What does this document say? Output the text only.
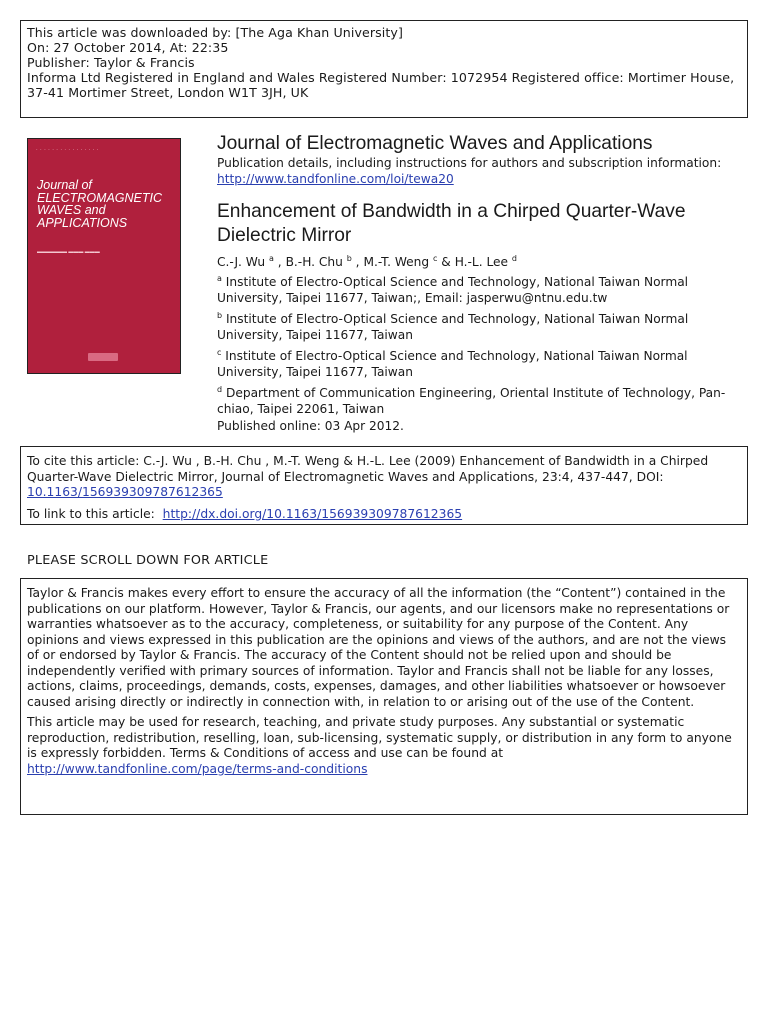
This article was downloaded by: [The Aga Khan University]
On: 27 October 2014, At: 22:35
Publisher: Taylor & Francis
Informa Ltd Registered in England and Wales Registered Number: 1072954 Registered office: Mortimer House,
37-41 Mortimer Street, London W1T 3JH, UK
· · · · · · · · · · · · · · · ·
Journal of
ELECTROMAGNETIC
WAVES and
APPLICATIONS
▬▬▬▬▬▬ ▬▬▬ ▬▬▬
Journal of Electromagnetic Waves and Applications
Publication details, including instructions for authors and subscription information:
http://www.tandfonline.com/loi/tewa20
Enhancement of Bandwidth in a Chirped Quarter-Wave Dielectric Mirror
C.-J. Wu $^a$ , B.-H. Chu $^b$ , M.-T. Weng $^c$ & H.-L. Lee $^d$
$^a$ Institute of Electro-Optical Science and Technology, National Taiwan Normal University, Taipei 11677, Taiwan;, Email: jasperwu@ntnu.edu.tw
$^b$ Institute of Electro-Optical Science and Technology, National Taiwan Normal University, Taipei 11677, Taiwan
$^c$ Institute of Electro-Optical Science and Technology, National Taiwan Normal University, Taipei 11677, Taiwan
$^d$ Department of Communication Engineering, Oriental Institute of Technology, Pan-chiao, Taipei 22061, Taiwan
Published online: 03 Apr 2012.
To cite this article: C.-J. Wu , B.-H. Chu , M.-T. Weng & H.-L. Lee (2009) Enhancement of Bandwidth in a Chirped Quarter-Wave Dielectric Mirror, Journal of Electromagnetic Waves and Applications, 23:4, 437-447, DOI: 10.1163/156939309787612365
To link to this article: http://dx.doi.org/10.1163/156939309787612365
PLEASE SCROLL DOWN FOR ARTICLE

Taylor & Francis makes every effort to ensure the accuracy of all the information (the “Content”) contained in the publications on our platform. However, Taylor & Francis, our agents, and our licensors make no representations or warranties whatsoever as to the accuracy, completeness, or suitability for any purpose of the Content. Any opinions and views expressed in this publication are the opinions and views of the authors, and are not the views of or endorsed by Taylor & Francis. The accuracy of the Content should not be relied upon and should be independently verified with primary sources of information. Taylor and Francis shall not be liable for any losses, actions, claims, proceedings, demands, costs, expenses, damages, and other liabilities whatsoever or howsoever caused arising directly or indirectly in connection with, in relation to or arising out of the use of the Content.

This article may be used for research, teaching, and private study purposes. Any substantial or systematic reproduction, redistribution, reselling, loan, sub-licensing, systematic supply, or distribution in any form to anyone is expressly forbidden. Terms & Conditions of access and use can be found at http://www.tandfonline.com/page/terms-and-conditions
